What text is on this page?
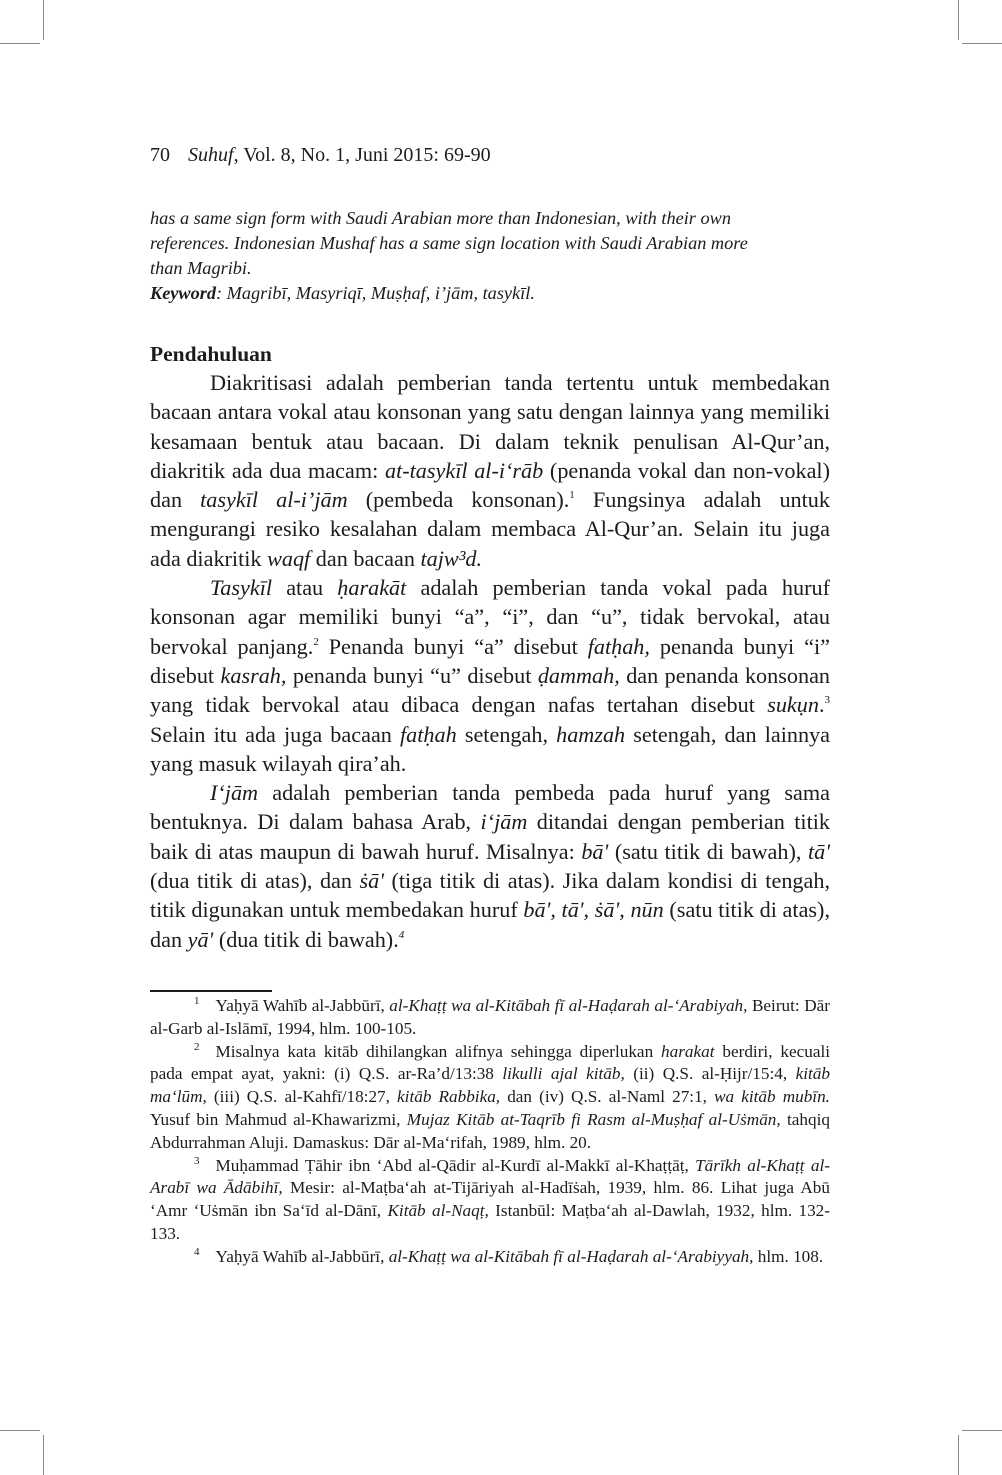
70 Suhuf, Vol. 8, No. 1, Juni 2015: 69-90
has a same sign form with Saudi Arabian more than Indonesian, with their own
references. Indonesian Mushaf has a same sign location with Saudi Arabian more
than Magribi.
Keyword: Magribī, Masyriqī, Muṣḥaf, i’jām, tasykīl.
Pendahuluan

Diakritisasi adalah pemberian tanda tertentu untuk membedakan bacaan antara vokal atau konsonan yang satu dengan lainnya yang memiliki kesamaan bentuk atau bacaan. Di dalam teknik penulisan Al-Qur’an, diakritik ada dua macam: at-tasykīl al-i‘rāb (penanda vokal dan non-vokal) dan tasykīl al-i’jām (pembeda konsonan).$^1$ Fungsinya adalah untuk mengurangi resiko kesalahan dalam membaca Al-Qur’an. Selain itu juga ada diakritik waqf dan bacaan tajw³d.

Tasykīl atau ḥarakāt adalah pemberian tanda vokal pada huruf konsonan agar memiliki bunyi “a”, “i”, dan “u”, tidak bervokal, atau bervokal panjang.$^2$ Penanda bunyi “a” disebut fatḥah, penanda bunyi “i” disebut kasrah, penanda bunyi “u” disebut ḍammah, dan penanda konsonan yang tidak bervokal atau dibaca dengan nafas tertahan disebut sukụn.$^3$ Selain itu ada juga bacaan fatḥah setengah, hamzah setengah, dan lainnya yang masuk wilayah qira’ah.

I‘jām adalah pemberian tanda pembeda pada huruf yang sama bentuknya. Di dalam bahasa Arab, i‘jām ditandai dengan pemberian titik baik di atas maupun di bawah huruf. Misalnya: bā' (satu titik di bawah), tā' (dua titik di atas), dan ṡā' (tiga titik di atas). Jika dalam kondisi di tengah, titik digunakan untuk membedakan huruf bā', tā', ṡā', nūn (satu titik di atas), dan yā' (dua titik di bawah).$^4$

$^1$ Yaḥyā Wahīb al-Jabbūrī, al-Khaṭṭ wa al-Kitābah fī al-Haḍarah al-‘Arabiyah, Beirut: Dār al-Garb al-Islāmī, 1994, hlm. 100-105.

$^2$ Misalnya kata kitāb dihilangkan alifnya sehingga diperlukan harakat berdiri, kecuali pada empat ayat, yakni: (i) Q.S. ar-Ra’d/13:38 likulli ajal kitāb, (ii) Q.S. al-Ḥijr/15:4, kitāb ma‘lūm, (iii) Q.S. al-Kahfī/18:27, kitāb Rabbika, dan (iv) Q.S. al-Naml 27:1, wa kitāb mubīn. Yusuf bin Mahmud al-Khawarizmi, Mujaz Kitāb at-Taqrīb fi Rasm al-Muṣḥaf al-Uṡmān, tahqiq Abdurrahman Aluji. Damaskus: Dār al-Ma‘rifah, 1989, hlm. 20.

$^3$ Muḥammad Ṭāhir ibn ‘Abd al-Qādir al-Kurdī al-Makkī al-Khaṭṭāṭ, Tārīkh al-Khaṭṭ al-Arabī wa Ādābihī, Mesir: al-Maṭba‘ah at-Tijāriyah al-Hadīṡah, 1939, hlm. 86. Lihat juga Abū ‘Amr ‘Uṡmān ibn Sa‘īd al-Dānī, Kitāb al-Naqṭ, Istanbūl: Maṭba‘ah al-Dawlah, 1932, hlm. 132-133.

$^4$ Yaḥyā Wahīb al-Jabbūrī, al-Khaṭṭ wa al-Kitābah fī al-Haḍarah al-‘Arabiyyah, hlm. 108.
